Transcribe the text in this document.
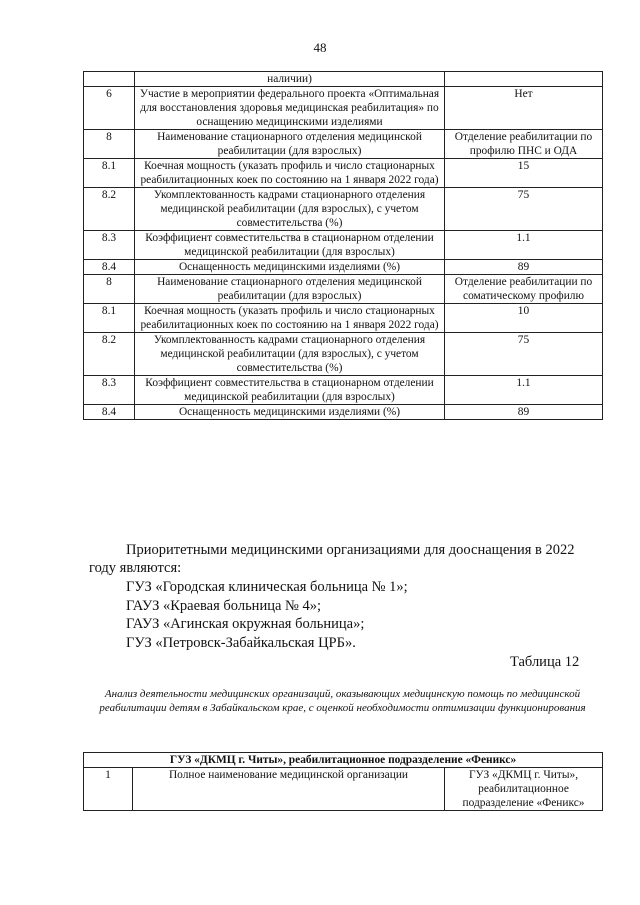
48
	наличии)	
6	Участие в мероприятии федерального проекта «Оптимальная для восстановления здоровья медицинская реабилитация» по оснащению медицинскими изделиями	Нет
8	Наименование стационарного отделения медицинской реабилитации (для взрослых)	Отделение реабилитации по профилю ПНС и ОДА
8.1	Коечная мощность (указать профиль и число стационарных реабилитационных коек по состоянию на 1 января 2022 года)	15
8.2	Укомплектованность кадрами стационарного отделения медицинской реабилитации (для взрослых), с учетом совместительства (%)	75
8.3	Коэффициент совместительства в стационарном отделении медицинской реабилитации (для взрослых)	1.1
8.4	Оснащенность медицинскими изделиями (%)	89
8	Наименование стационарного отделения медицинской реабилитации (для взрослых)	Отделение реабилитации по соматическому профилю
8.1	Коечная мощность (указать профиль и число стационарных реабилитационных коек по состоянию на 1 января 2022 года)	10
8.2	Укомплектованность кадрами стационарного отделения медицинской реабилитации (для взрослых), с учетом совместительства (%)	75
8.3	Коэффициент совместительства в стационарном отделении медицинской реабилитации (для взрослых)	1.1
8.4	Оснащенность медицинскими изделиями (%)	89
Приоритетными медицинскими организациями для дооснащения в 2022
году являются:
ГУЗ «Городская клиническая больница № 1»;
ГАУЗ «Краевая больница № 4»;
ГАУЗ «Агинская окружная больница»;
ГУЗ «Петровск-Забайкальская ЦРБ».
Таблица 12
Анализ деятельности медицинских организаций, оказывающих медицинскую помощь по медицинской реабилитации детям в Забайкальском крае, с оценкой необходимости оптимизации функционирования
ГУЗ «ДКМЦ г. Читы», реабилитационное подразделение «Феникс»
1	Полное наименование медицинской организации	ГУЗ «ДКМЦ г. Читы», реабилитационное подразделение «Феникс»
